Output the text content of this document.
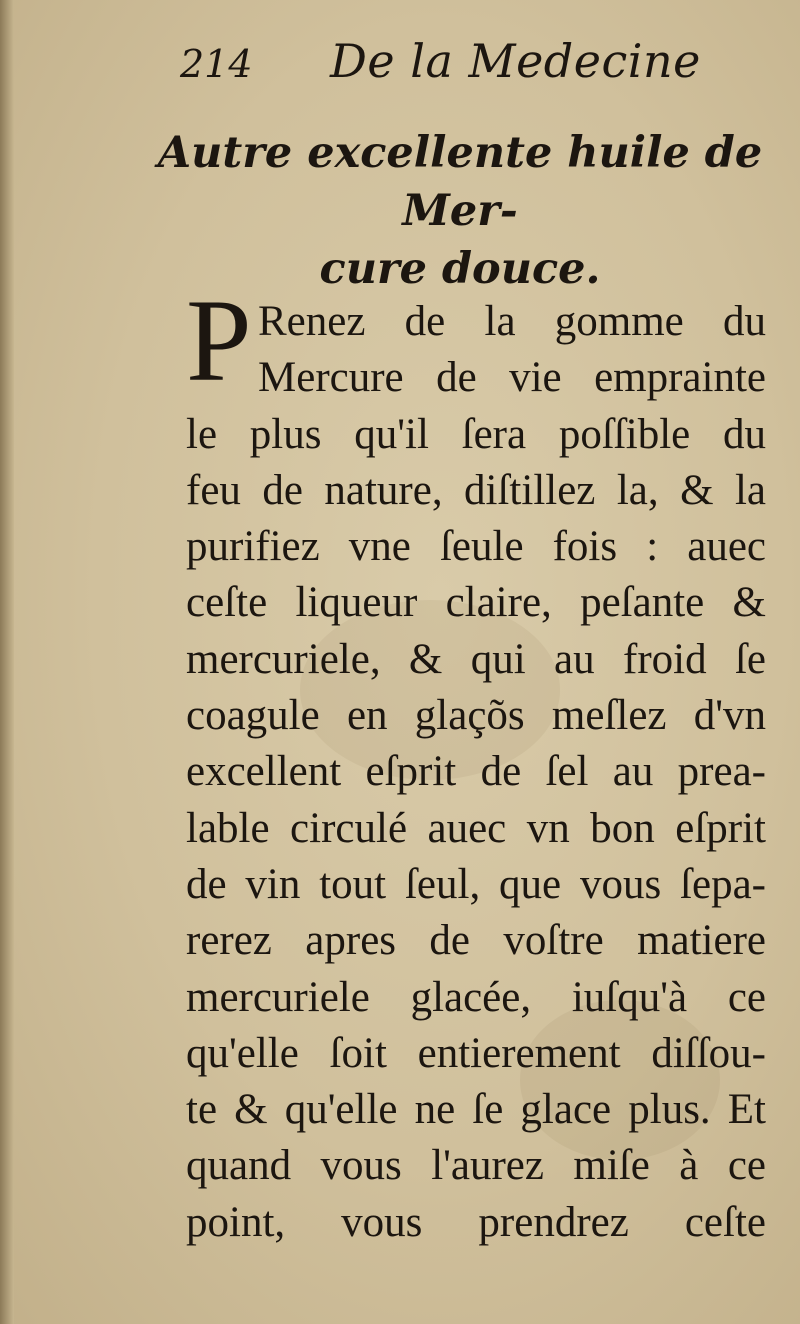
214 De la Medecine
Autre excellente huile de Mer-
cure douce.
P Renez de la gomme du
Mercure de vie emprainte
le plus qu'il ſera poſſible du
feu de nature, diſtillez la, & la
purifiez vne ſeule fois : auec
ceſte liqueur claire, peſante &
mercuriele, & qui au froid ſe
coagule en glaçõs meſlez d'vn
excellent eſprit de ſel au prea-
lable circulé auec vn bon eſprit
de vin tout ſeul, que vous ſepa-
rerez apres de voſtre matiere
mercuriele glacée, iuſqu'à ce
qu'elle ſoit entierement diſſou-
te & qu'elle ne ſe glace plus. Et
quand vous l'aurez miſe à ce
point, vous prendrez ceſte
